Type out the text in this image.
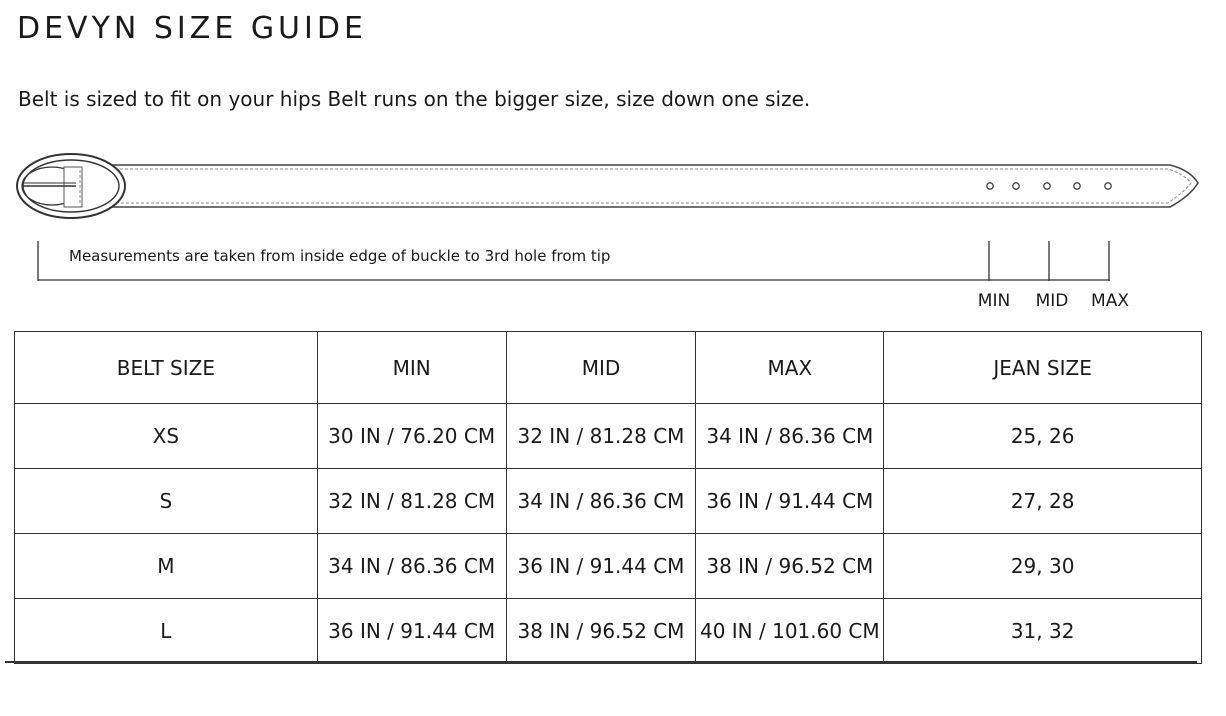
DEVYN SIZE GUIDE

Belt is sized to fit on your hips Belt runs on the bigger size, size down one size.

Measurements are taken from inside edge of buckle to 3rd hole from tip
MIN MID MAX
BELT SIZE	MIN	MID	MAX	JEAN SIZE
XS	30 IN / 76.20 CM	32 IN / 81.28 CM	34 IN / 86.36 CM	25, 26
S	32 IN / 81.28 CM	34 IN / 86.36 CM	36 IN / 91.44 CM	27, 28
M	34 IN / 86.36 CM	36 IN / 91.44 CM	38 IN / 96.52 CM	29, 30
L	36 IN / 91.44 CM	38 IN / 96.52 CM	40 IN / 101.60 CM	31, 32
